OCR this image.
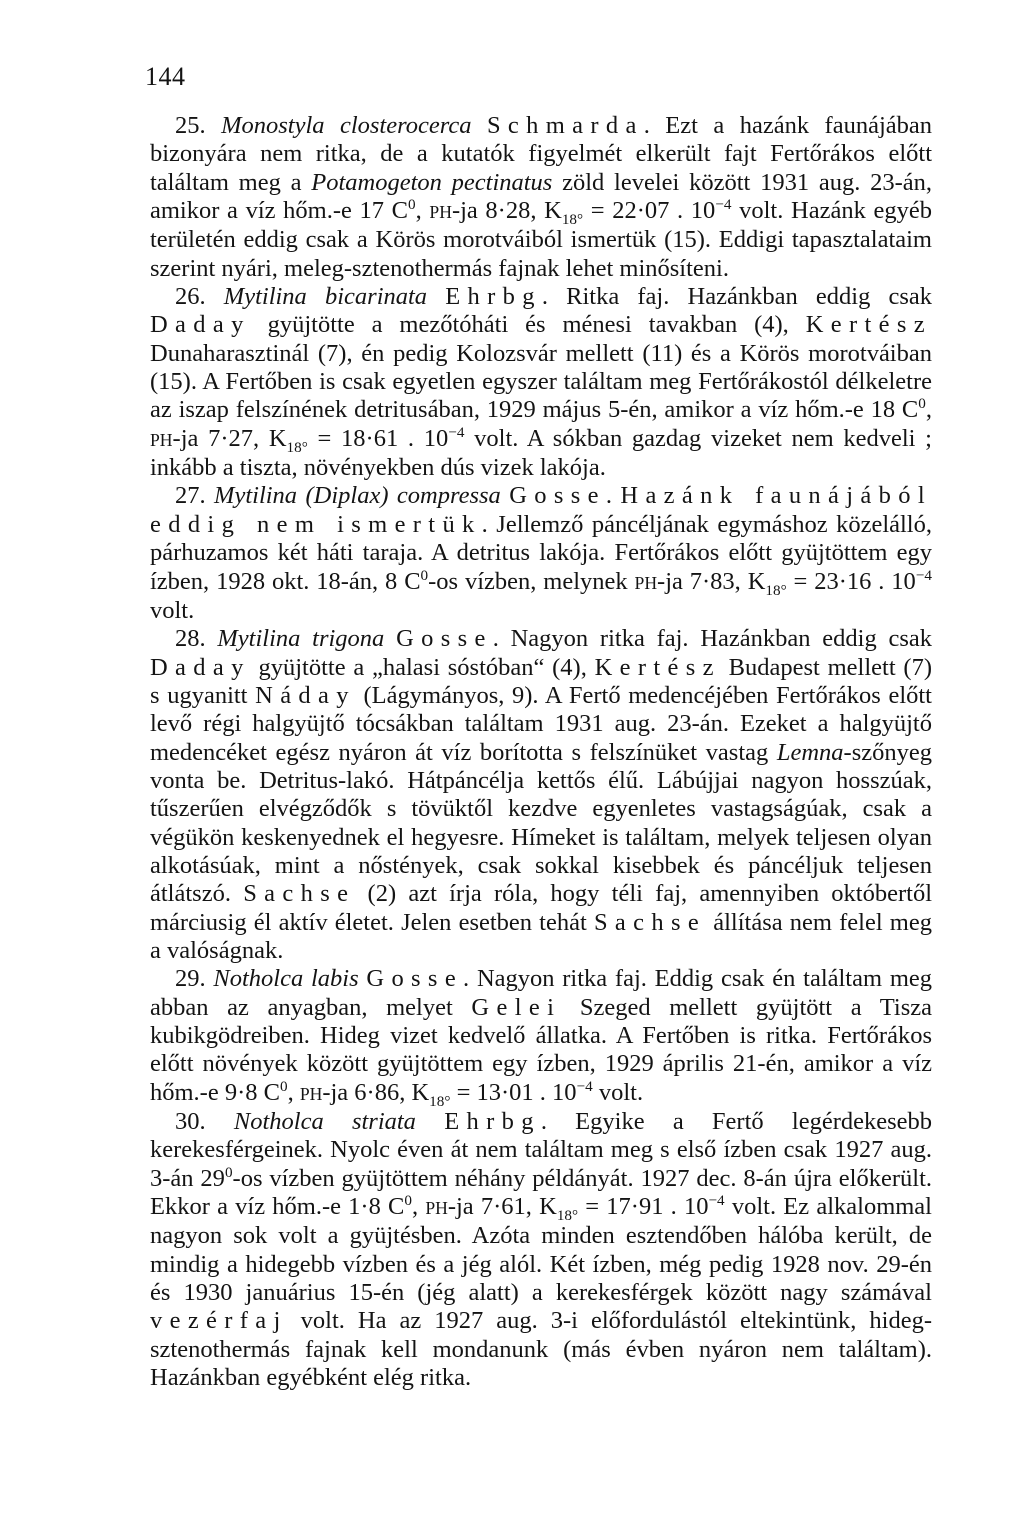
144

25. Monostyla closterocerca Schmarda. Ezt a hazánk faunájában bizonyára nem ritka, de a kutatók figyelmét elkerült fajt Fertőrákos előtt találtam meg a Potamogeton pectinatus zöld levelei között 1931 aug. 23-án, amikor a víz hőm.-e 17 $C^0$, PH-ja 8·28, $K_{18^\circ} = 22\cdot 07$ . $10^{-4}$ volt. Hazánk egyéb területén eddig csak a Körös morotváiból ismertük (15). Eddigi tapasztalataim szerint nyári, meleg-sztenothermás fajnak lehet minősíteni.

26. Mytilina bicarinata Ehrbg. Ritka faj. Hazánkban eddig csak Daday gyüjtötte a mezőtóháti és ménesi tavakban (4), Kertész Dunaharasztinál (7), én pedig Kolozsvár mellett (11) és a Körös morotváiban (15). A Fertőben is csak egyetlen egyszer találtam meg Fertőrákostól délkeletre az iszap felszínének detritusában, 1929 május 5-én, amikor a víz hőm.-e 18 $C^0$, PH-ja 7·27, $K_{18^\circ} = 18\cdot 61$ . $10^{-4}$ volt. A sókban gazdag vizeket nem kedveli ; inkább a tiszta, növényekben dús vizek lakója.

27. Mytilina (Diplax) compressa Gosse. Hazánk faunájából eddig nem ismertük. Jellemző páncéljának egymáshoz közelálló, párhuzamos két háti taraja. A detritus lakója. Fertőrákos előtt gyüjtöttem egy ízben, 1928 okt. 18-án, 8 $C^0-os$ vízben, melynek PH-ja 7·83, $K_{18^\circ} = 23\cdot 16$ . $10^{-4}$ volt.

28. Mytilina trigona Gosse. Nagyon ritka faj. Hazánkban eddig csak Daday gyüjtötte a „halasi sóstóban“ (4), Kertész Budapest mellett (7) s ugyanitt Náday (Lágymányos, 9). A Fertő medencéjében Fertőrákos előtt levő régi halgyüjtő tócsákban találtam 1931 aug. 23-án. Ezeket a halgyüjtő medencéket egész nyáron át víz borította s felszínüket vastag Lemna-szőnyeg vonta be. Detritus-lakó. Hátpáncélja kettős élű. Lábújjai nagyon hosszúak, tűszerűen elvégződők s tövüktől kezdve egyenletes vastagságúak, csak a végükön keskenyednek el hegyesre. Hímeket is találtam, melyek teljesen olyan alkotásúak, mint a nőstények, csak sokkal kisebbek és páncéljuk teljesen átlátszó. Sachse (2) azt írja róla, hogy téli faj, amennyiben októbertől márciusig él aktív életet. Jelen esetben tehát Sachse állítása nem felel meg a valóságnak.

29. Notholca labis Gosse. Nagyon ritka faj. Eddig csak én találtam meg abban az anyagban, melyet Gelei Szeged mellett gyüjtött a Tisza kubikgödreiben. Hideg vizet kedvelő állatka. A Fertőben is ritka. Fertőrákos előtt növények között gyüjtöttem egy ízben, 1929 április 21-én, amikor a víz hőm.-e 9·8 $C^0$, PH-ja 6·86, $K_{18^\circ} = 13\cdot 01$ . $10^{-4}$ volt.

30. Notholca striata Ehrbg. Egyike a Fertő legérdekesebb kerekesférgeinek. Nyolc éven át nem találtam meg s első ízben csak 1927 aug. 3-án $29^0-os$ vízben gyüjtöttem néhány példányát. 1927 dec. 8-án újra előkerült. Ekkor a víz hőm.-e 1·8 $C^0$, PH-ja 7·61, $K_{18^\circ} = 17\cdot 91$ . $10^{-4}$ volt. Ez alkalommal nagyon sok volt a gyüjtésben. Azóta minden esztendőben hálóba került, de mindig a hidegebb vízben és a jég alól. Két ízben, még pedig 1928 nov. 29-én és 1930 januárius 15-én (jég alatt) a kerekesférgek között nagy számával vezérfaj volt. Ha az 1927 aug. 3-i előfordulástól eltekintünk, hideg-sztenothermás fajnak kell mondanunk (más évben nyáron nem találtam). Hazánkban egyébként elég ritka.
